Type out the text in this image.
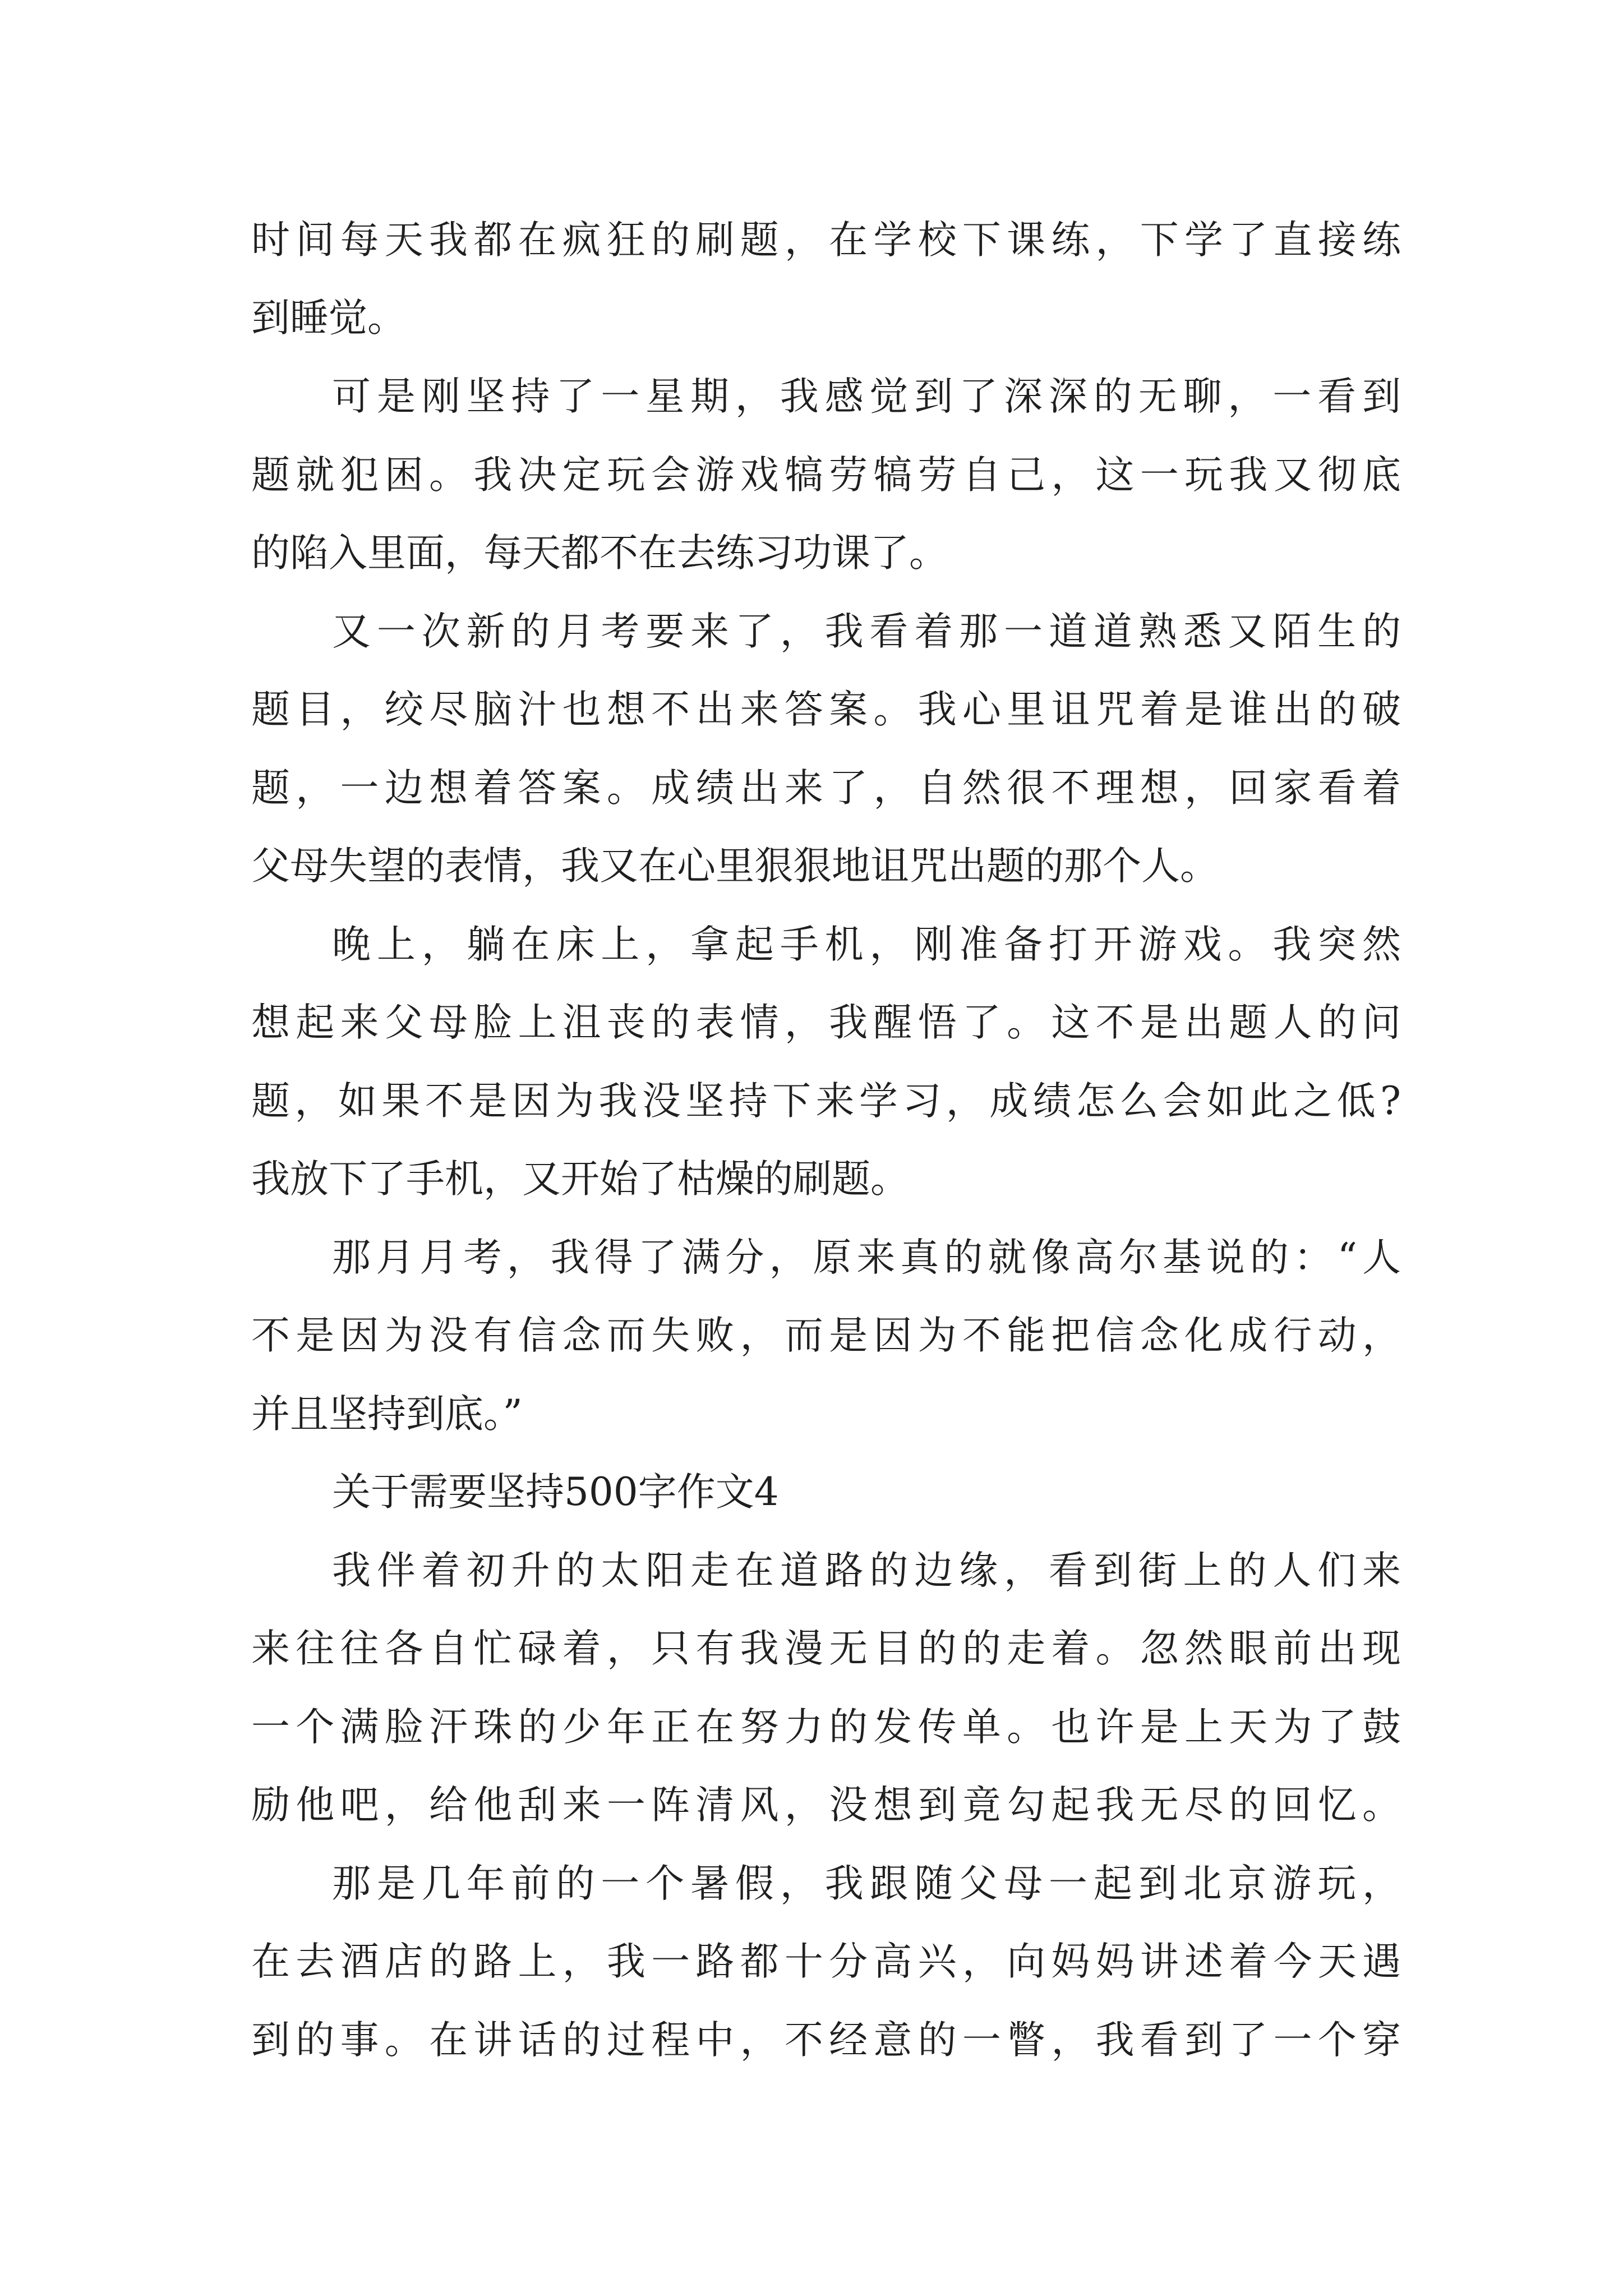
时间每天我都在疯狂的刷题，在学校下课练，下学了直接练
到睡觉。
可是刚坚持了一星期，我感觉到了深深的无聊，一看到
题就犯困。我决定玩会游戏犒劳犒劳自己，这一玩我又彻底
的陷入里面，每天都不在去练习功课了。
又一次新的月考要来了，我看着那一道道熟悉又陌生的
题目，绞尽脑汁也想不出来答案。我心里诅咒着是谁出的破
题，一边想着答案。成绩出来了，自然很不理想，回家看着
父母失望的表情，我又在心里狠狠地诅咒出题的那个人。
晚上，躺在床上，拿起手机，刚准备打开游戏。我突然
想起来父母脸上沮丧的表情，我醒悟了。这不是出题人的问
题，如果不是因为我没坚持下来学习，成绩怎么会如此之低?
我放下了手机，又开始了枯燥的刷题。
那月月考，我得了满分，原来真的就像高尔基说的：“人
不是因为没有信念而失败，而是因为不能把信念化成行动，
并且坚持到底。”
关于需要坚持500字作文4
我伴着初升的太阳走在道路的边缘，看到街上的人们来
来往往各自忙碌着，只有我漫无目的的走着。忽然眼前出现
一个满脸汗珠的少年正在努力的发传单。也许是上天为了鼓
励他吧，给他刮来一阵清风，没想到竟勾起我无尽的回忆。
那是几年前的一个暑假，我跟随父母一起到北京游玩，
在去酒店的路上，我一路都十分高兴，向妈妈讲述着今天遇
到的事。在讲话的过程中，不经意的一瞥，我看到了一个穿
